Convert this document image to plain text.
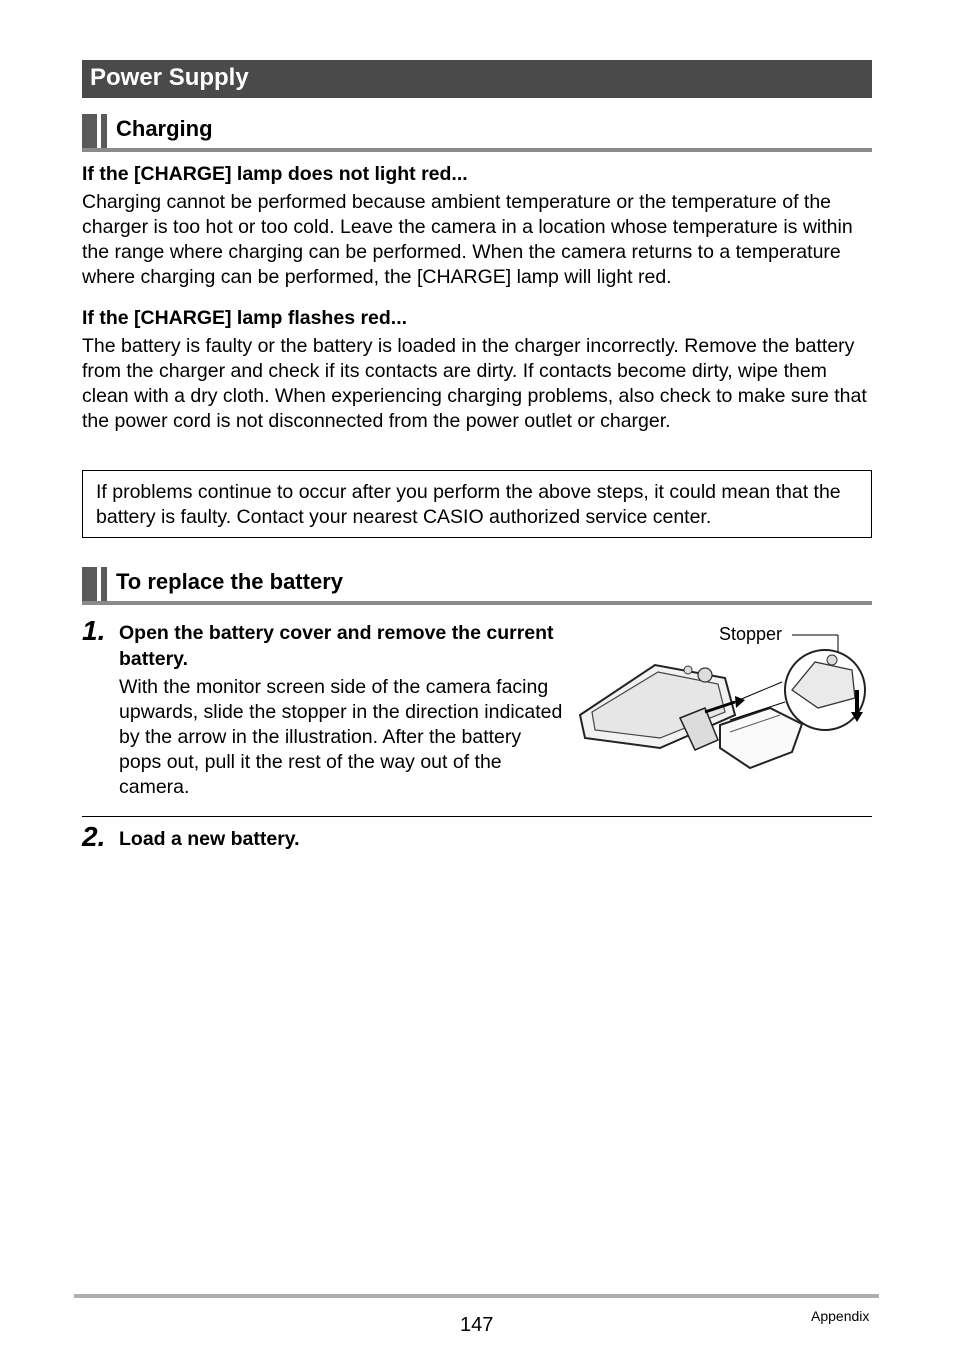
Power Supply
Charging
If the [CHARGE] lamp does not light red...
Charging cannot be performed because ambient temperature or the temperature of the charger is too hot or too cold. Leave the camera in a location whose temperature is within the range where charging can be performed. When the camera returns to a temperature where charging can be performed, the [CHARGE] lamp will light red.
If the [CHARGE] lamp flashes red...
The battery is faulty or the battery is loaded in the charger incorrectly. Remove the battery from the charger and check if its contacts are dirty. If contacts become dirty, wipe them clean with a dry cloth. When experiencing charging problems, also check to make sure that the power cord is not disconnected from the power outlet or charger.

If problems continue to occur after you perform the above steps, it could mean that the battery is faulty. Contact your nearest CASIO authorized service center.

To replace the battery
1. Open the battery cover and remove the current battery.
With the monitor screen side of the camera facing upwards, slide the stopper in the direction indicated by the arrow in the illustration. After the battery pops out, pull it the rest of the way out of the camera.
Stopper
2. Load a new battery.
147	Appendix
